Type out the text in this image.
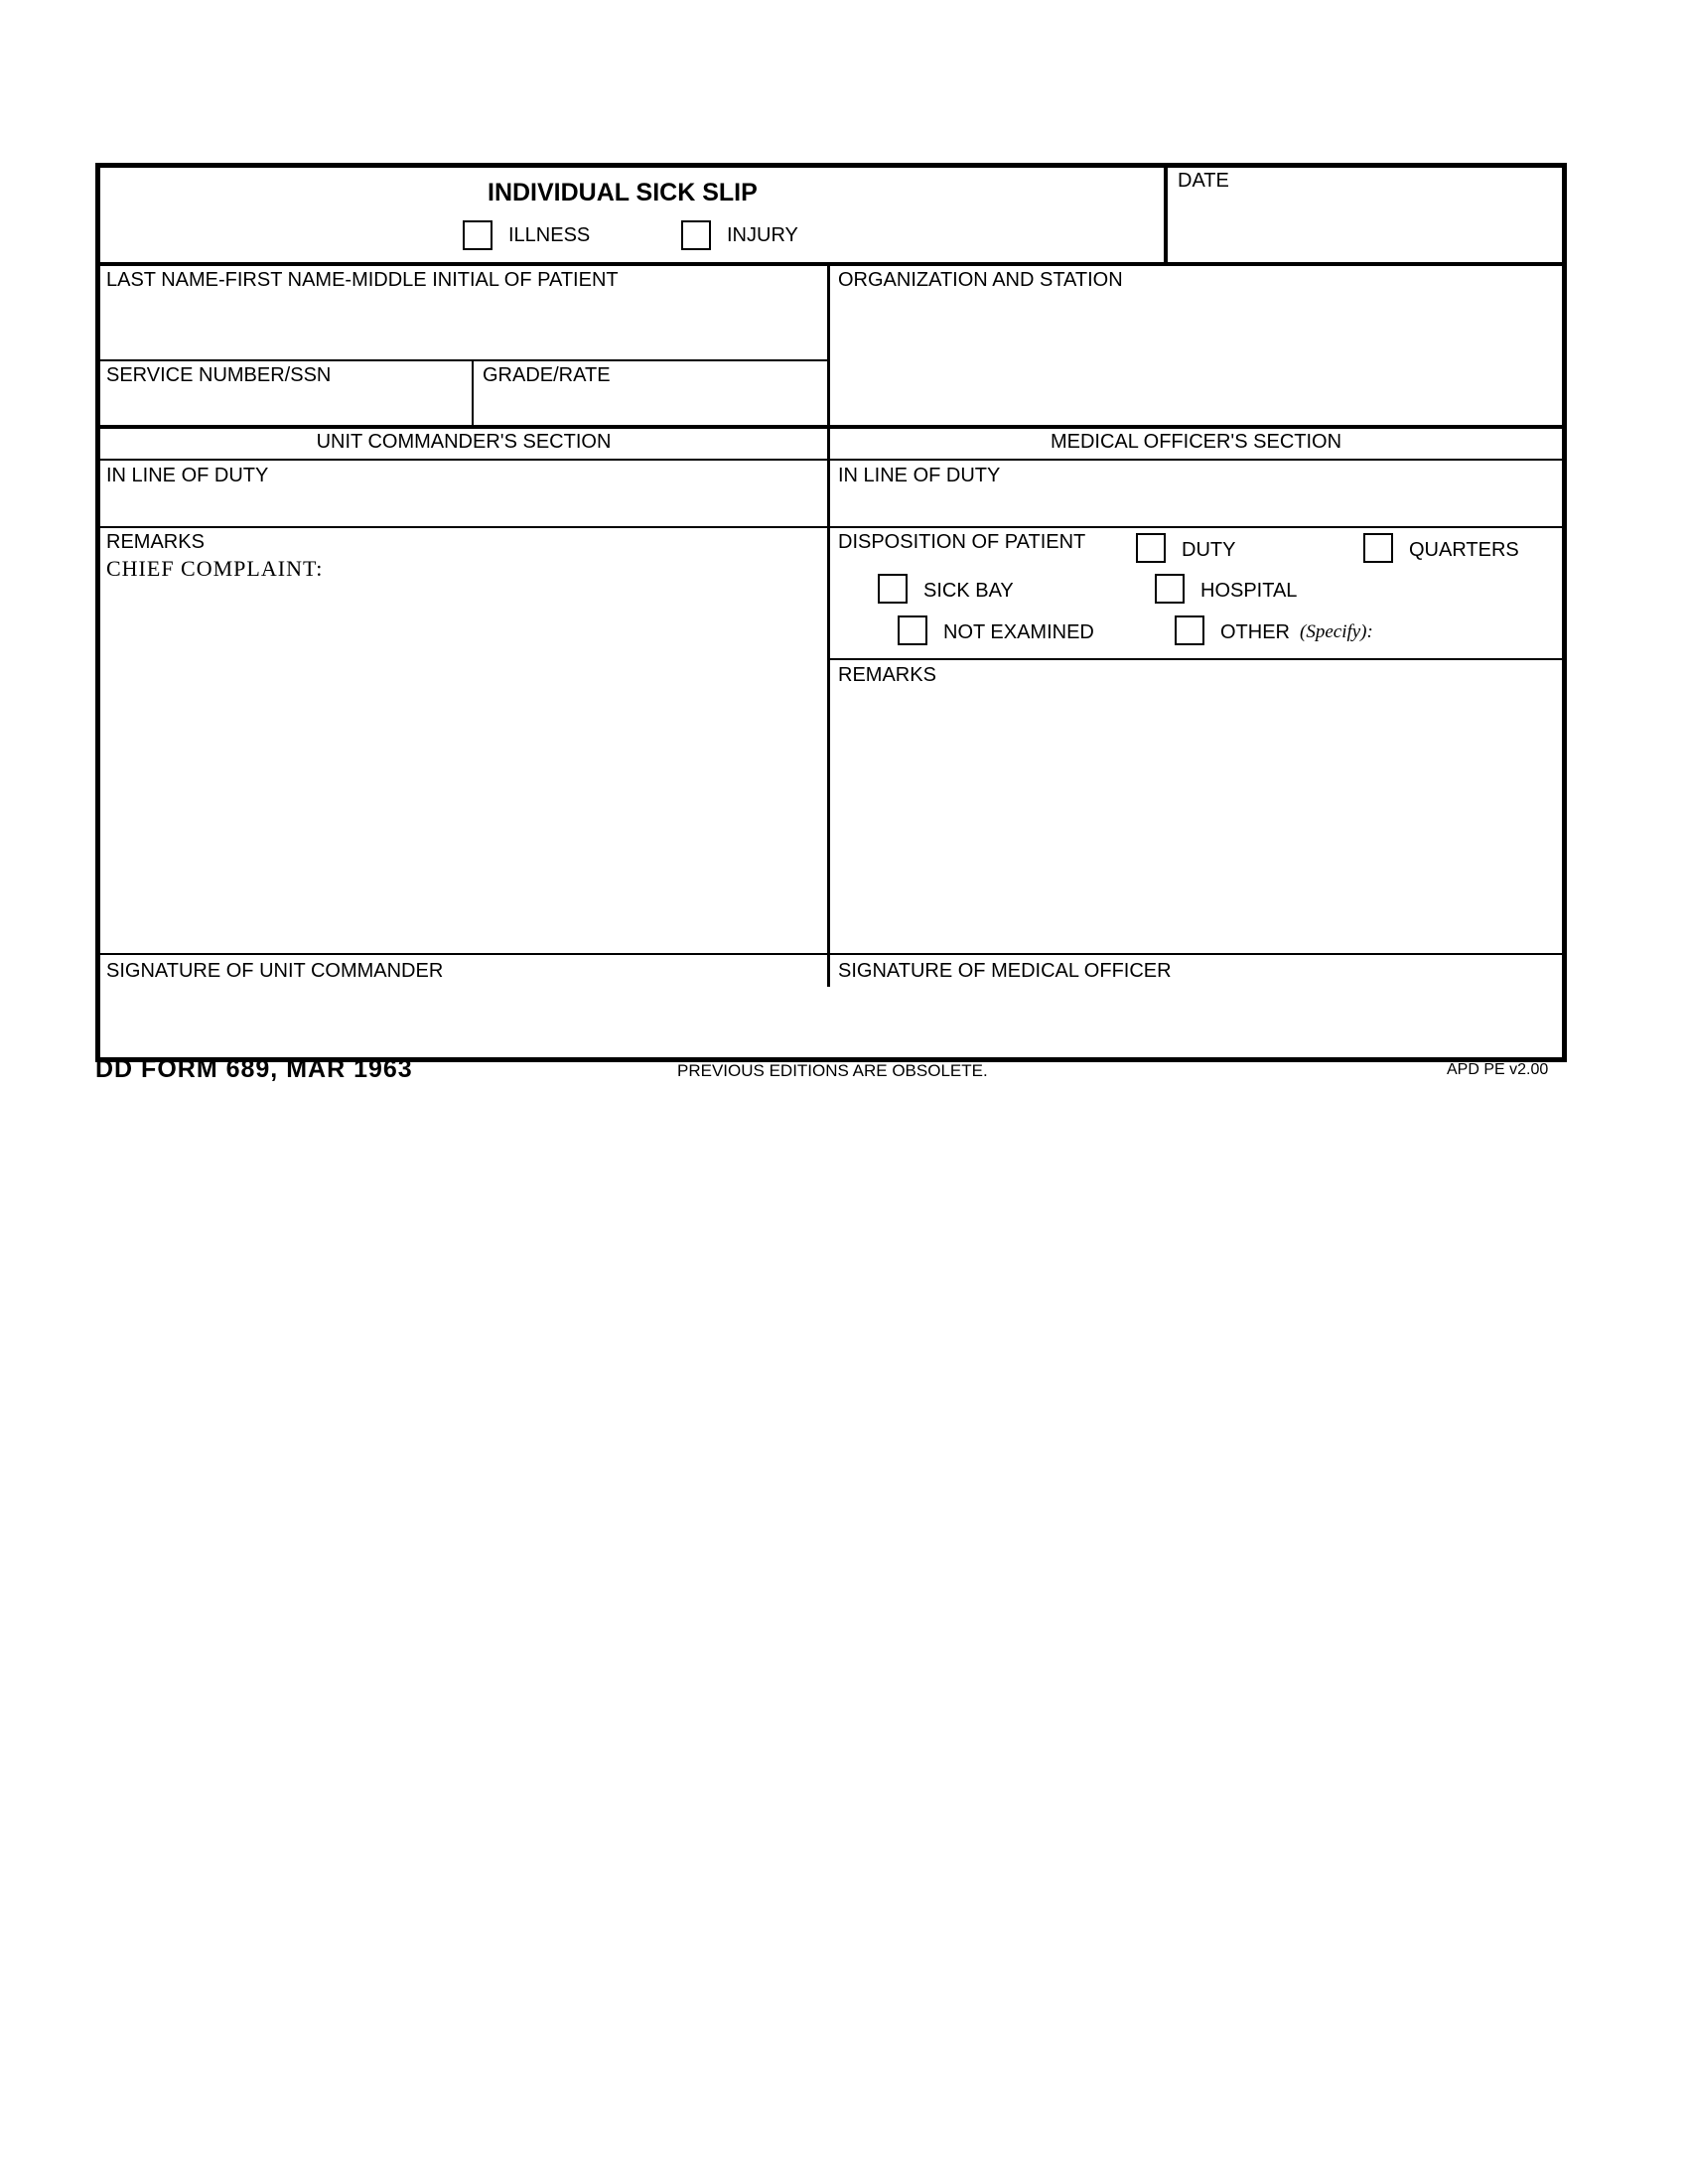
INDIVIDUAL SICK SLIP
ILLNESS	INJURY
DATE
LAST NAME-FIRST NAME-MIDDLE INITIAL OF PATIENT	ORGANIZATION AND STATION
SERVICE NUMBER/SSN	GRADE/RATE
UNIT COMMANDER'S SECTION	MEDICAL OFFICER'S SECTION
IN LINE OF DUTY	IN LINE OF DUTY
REMARKS
CHIEF COMPLAINT:
DISPOSITION OF PATIENT	DUTY	QUARTERS
SICK BAY	HOSPITAL
NOT EXAMINED	OTHER (Specify):
REMARKS
SIGNATURE OF UNIT COMMANDER	SIGNATURE OF MEDICAL OFFICER
DD FORM 689, MAR 1963	PREVIOUS EDITIONS ARE OBSOLETE.	APD PE v2.00
